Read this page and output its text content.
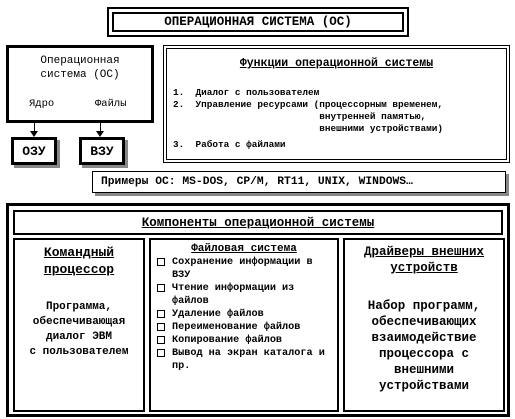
ОПЕРАЦИОННАЯ СИСТЕМА (ОС)
Операционная
система (ОС)
Ядро	Файлы
Функции операционной системы
1.  Диалог с пользователем
2.  Управление ресурсами (процессорным временем,
внутренней памятью,
внешними устройствами)
3.  Работа с файлами
ОЗУ	ВЗУ
Примеры ОС: MS-DOS, CP/M, RT11, UNIX, WINDOWS…
Компоненты операционной системы
Командный
процессор
Программа,
обеспечивающая
диалог ЭВМ
с пользователем
Файловая система
Сохранение информации в ВЗУ
Чтение информации из файлов
Удаление файлов
Переименование файлов
Копирование файлов
Вывод на экран каталога и пр.
Драйверы внешних
устройств
Набор программ,
обеспечивающих
взаимодействие
процессора с
внешними
устройствами
